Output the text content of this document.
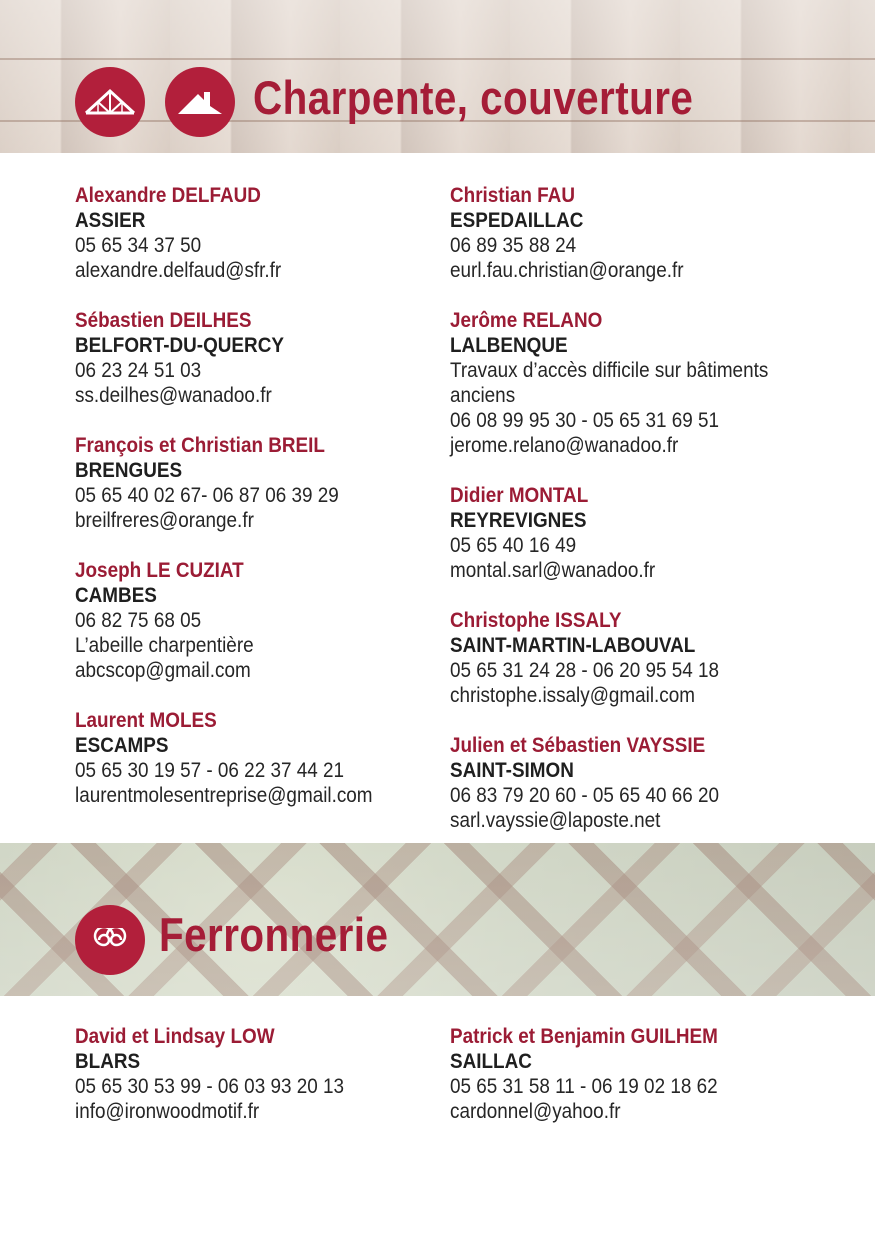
Charpente, couverture
Alexandre DELFAUD
ASSIER
05 65 34 37 50
alexandre.delfaud@sfr.fr
Sébastien DEILHES
BELFORT-DU-QUERCY
06 23 24 51 03
ss.deilhes@wanadoo.fr
François et Christian BREIL
BRENGUES
05 65 40 02 67- 06 87 06 39 29
breilfreres@orange.fr
Joseph LE CUZIAT
CAMBES
06 82 75 68 05
L’abeille charpentière
abcscop@gmail.com
Laurent MOLES
ESCAMPS
05 65 30 19 57 - 06 22 37 44 21
laurentmolesentreprise@gmail.com
Christian FAU
ESPEDAILLAC
06 89 35 88 24
eurl.fau.christian@orange.fr
Jerôme RELANO
LALBENQUE
Travaux d’accès difficile sur bâtiments
anciens
06 08 99 95 30 - 05 65 31 69 51
jerome.relano@wanadoo.fr
Didier MONTAL
REYREVIGNES
05 65 40 16 49
montal.sarl@wanadoo.fr
Christophe ISSALY
SAINT-MARTIN-LABOUVAL
05 65 31 24 28 - 06 20 95 54 18
christophe.issaly@gmail.com
Julien et Sébastien VAYSSIE
SAINT-SIMON
06 83 79 20 60 - 05 65 40 66 20
sarl.vayssie@laposte.net
Ferronnerie
David et Lindsay LOW
BLARS
05 65 30 53 99 - 06 03 93 20 13
info@ironwoodmotif.fr
Patrick et Benjamin GUILHEM
SAILLAC
05 65 31 58 11 - 06 19 02 18 62
cardonnel@yahoo.fr
